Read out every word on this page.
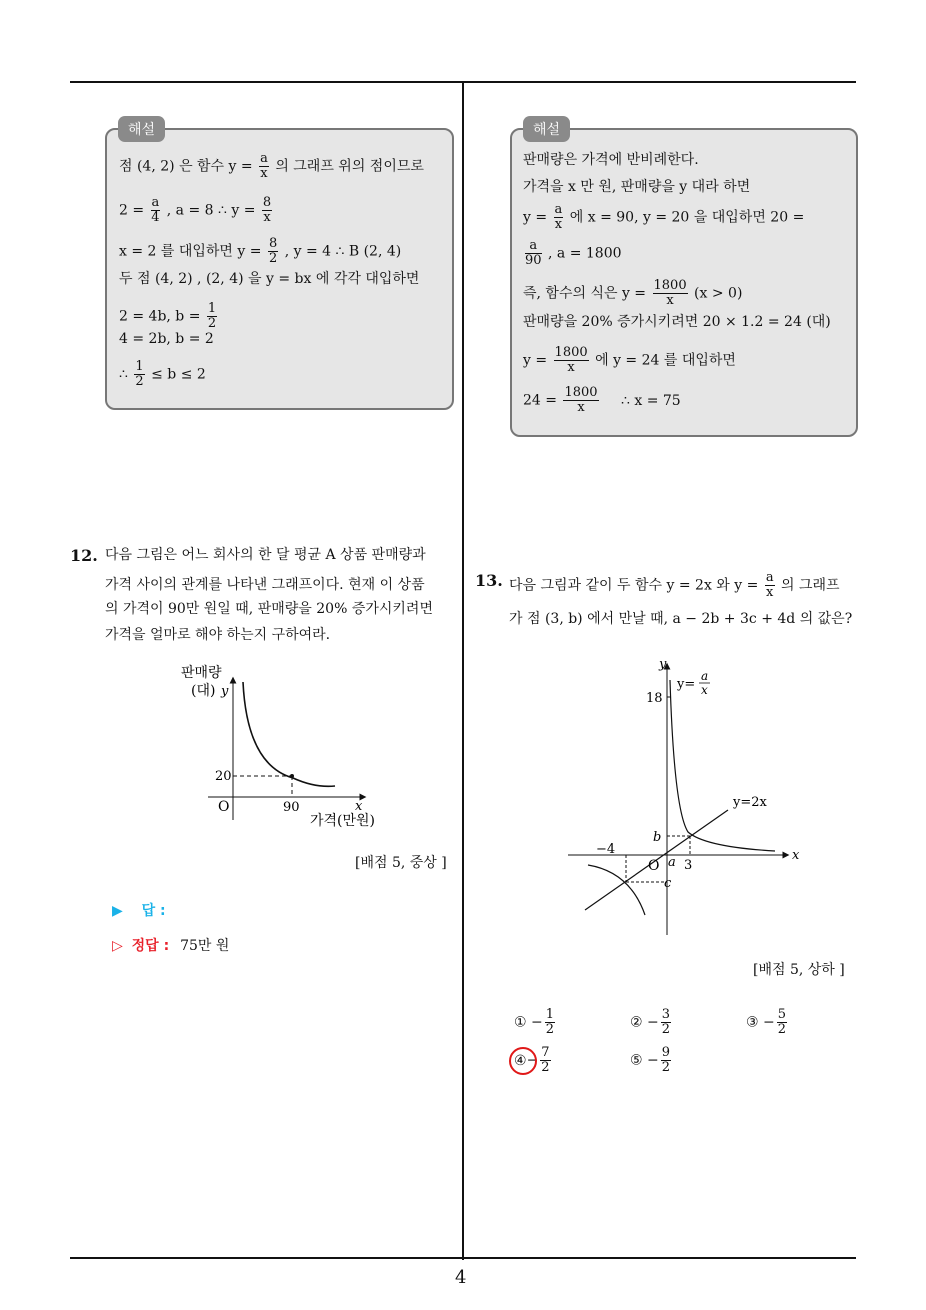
4
해설
점 (4, 2) 은 함수 $y = \frac{a}{x}$ 의 그래프 위의 점이므로
$2 = \frac{a}{4}$ , a = 8 ∴ $y = \frac{8}{x}$
x = 2 를 대입하면 $y = \frac{8}{2}$ , y = 4 ∴ B (2, 4)
두 점 (4, 2) , (2, 4) 을 y = bx 에 각각 대입하면
2 = 4b, $b = \frac{1}{2}$
4 = 2b, b = 2
∴ $\frac{1}{2} \le b \le 2$
해설
판매량은 가격에 반비례한다.
가격을 x 만 원, 판매량을 y 대라 하면
$y = \frac{a}{x}$ 에 x = 90, y = 20 을 대입하면 20 =
$\frac{a}{90}$ , a = 1800
즉, 함수의 식은 $y = \frac{1800}{x} (x > 0)$
판매량을 20% 증가시키려면 20 × 1.2 = 24 (대)
$y = \frac{1800}{x}$ 에 y = 24 를 대입하면
$24 = \frac{1800}{x}$ ∴ x = 75
12. 다음 그림은 어느 회사의 한 달 평균 A 상품 판매량과
가격 사이의 관계를 나타낸 그래프이다. 현재 이 상품
의 가격이 90만 원일 때, 판매량을 20% 증가시키려면
가격을 얼마로 해야 하는지 구하여라.
판매량
(대) y
20
O	90	x
가격(만원)
[배점 5, 중상 ]
▶ 답 :
▷ 정답 : 75만 원
13. 다음 그림과 같이 두 함수 y = 2x 와 $y = \frac{a}{x}$ 의 그래프
가 점 (3, b) 에서 만날 때, a − 2b + 3c + 4d 의 값은?
y
x
y=
a
x
18
y=2x
b
−4
O a 3
c
[배점 5, 상하 ]
① − $\frac{1}{2}$	② − $\frac{3}{2}$	③ − $\frac{5}{2}$
④
− $\frac{7}{2}$	⑤ − $\frac{9}{2}$
